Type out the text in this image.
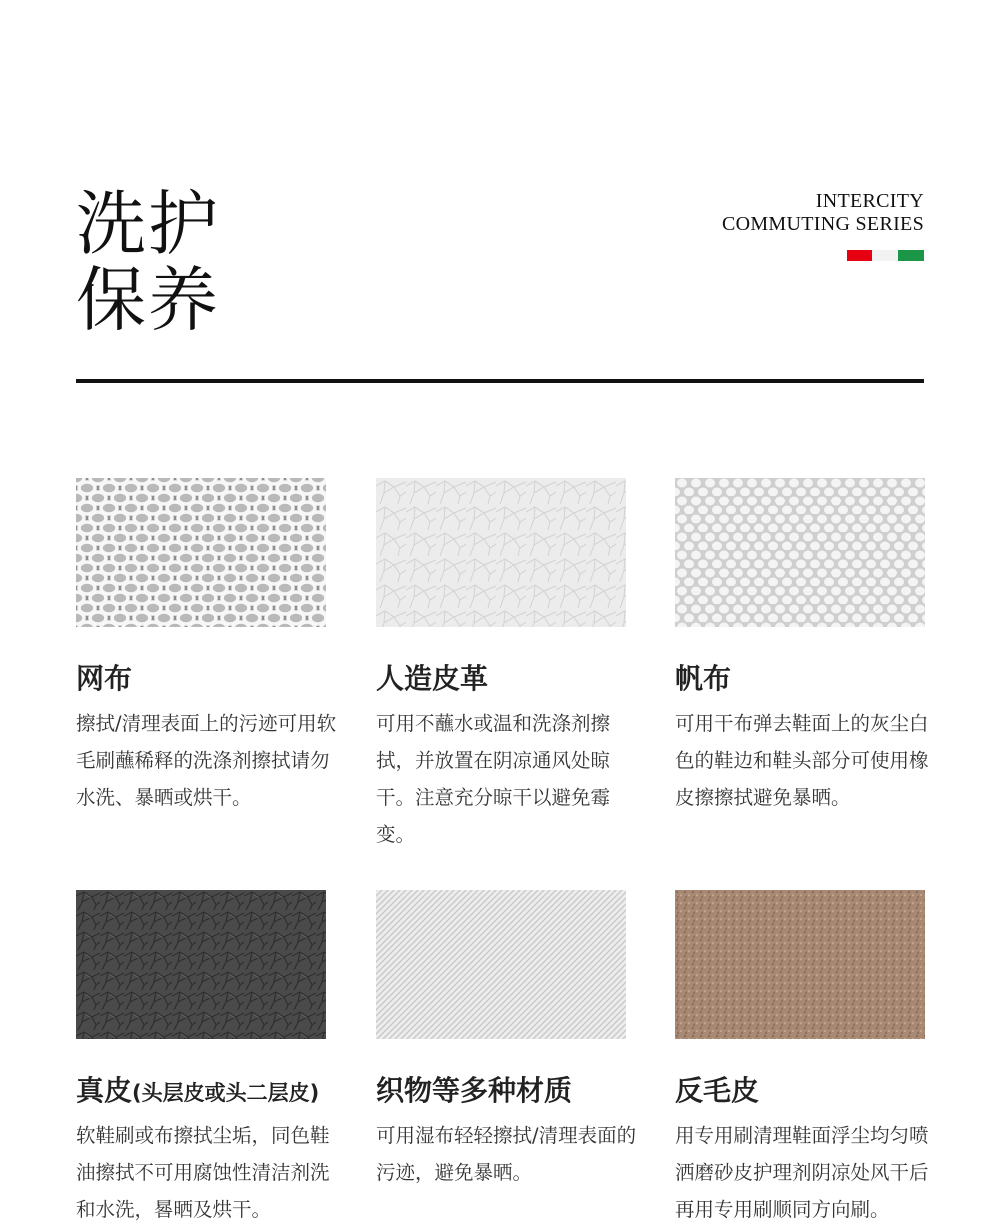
洗护
保养
INTERCITY
COMMUTING SERIES
网布
擦拭/清理表面上的污迹可用软毛刷蘸稀释的洗涤剂擦拭请勿水洗、暴晒或烘干。
人造皮革
可用不蘸水或温和洗涤剂擦拭，并放置在阴凉通风处晾干。注意充分晾干以避免霉变。
帆布
可用干布弹去鞋面上的灰尘白色的鞋边和鞋头部分可使用橡皮擦擦拭避免暴晒。
真皮(头层皮或头二层皮)
软鞋刷或布擦拭尘垢，同色鞋油擦拭不可用腐蚀性清洁剂洗和水洗，晷晒及烘干。
织物等多种材质
可用湿布轻轻擦拭/清理表面的污迹，避免暴晒。
反毛皮
用专用刷清理鞋面浮尘均匀喷洒磨砂皮护理剂阴凉处风干后再用专用刷顺同方向刷。
